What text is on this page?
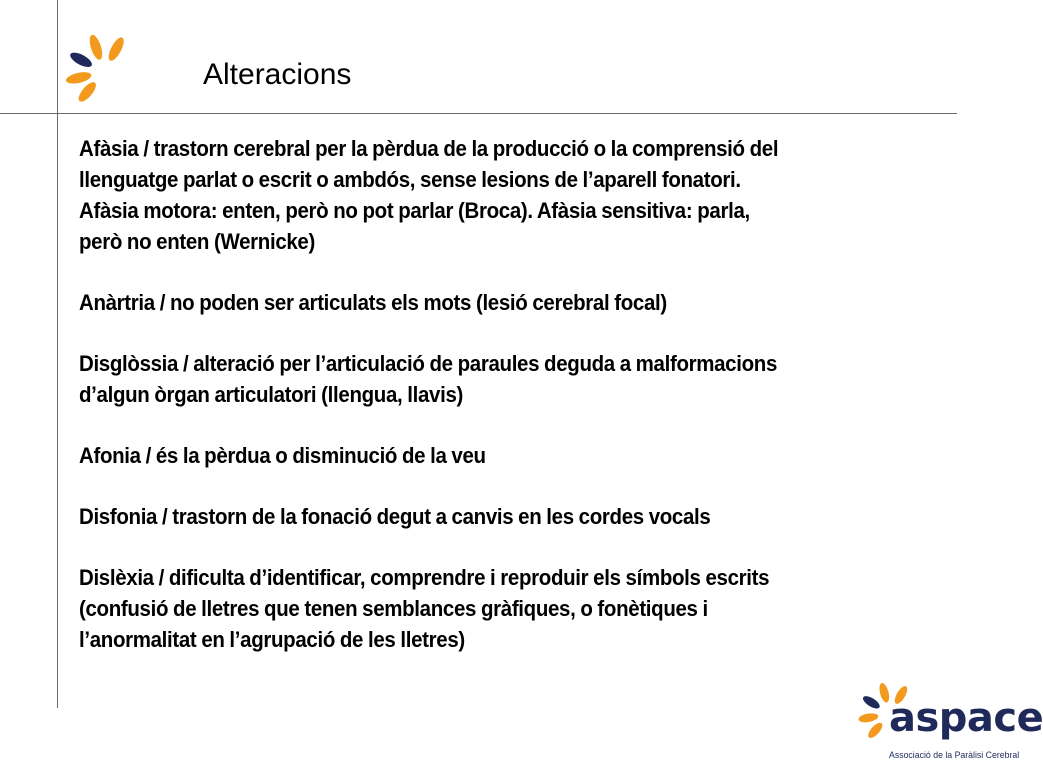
Alteracions
Afàsia / trastorn cerebral per la pèrdua de la producció o la comprensió del
llenguatge parlat o escrit o ambdós, sense lesions de l’aparell fonatori.
Afàsia motora: enten, però no pot parlar (Broca). Afàsia sensitiva: parla,
però no enten (Wernicke)
Anàrtria / no poden ser articulats els mots (lesió cerebral focal)
Disglòssia / alteració per l’articulació de paraules deguda a malformacions
d’algun òrgan articulatori (llengua, llavis)
Afonia / és la pèrdua o disminució de la veu
Disfonia / trastorn de la fonació degut a canvis en les cordes vocals
Dislèxia / dificulta d’identificar, comprendre i reproduir els símbols escrits
(confusió de lletres que tenen semblances gràfiques, o fonètiques i
l’anormalitat en l’agrupació de les lletres)
aspace
Associació de la Paràlisi Cerebral
